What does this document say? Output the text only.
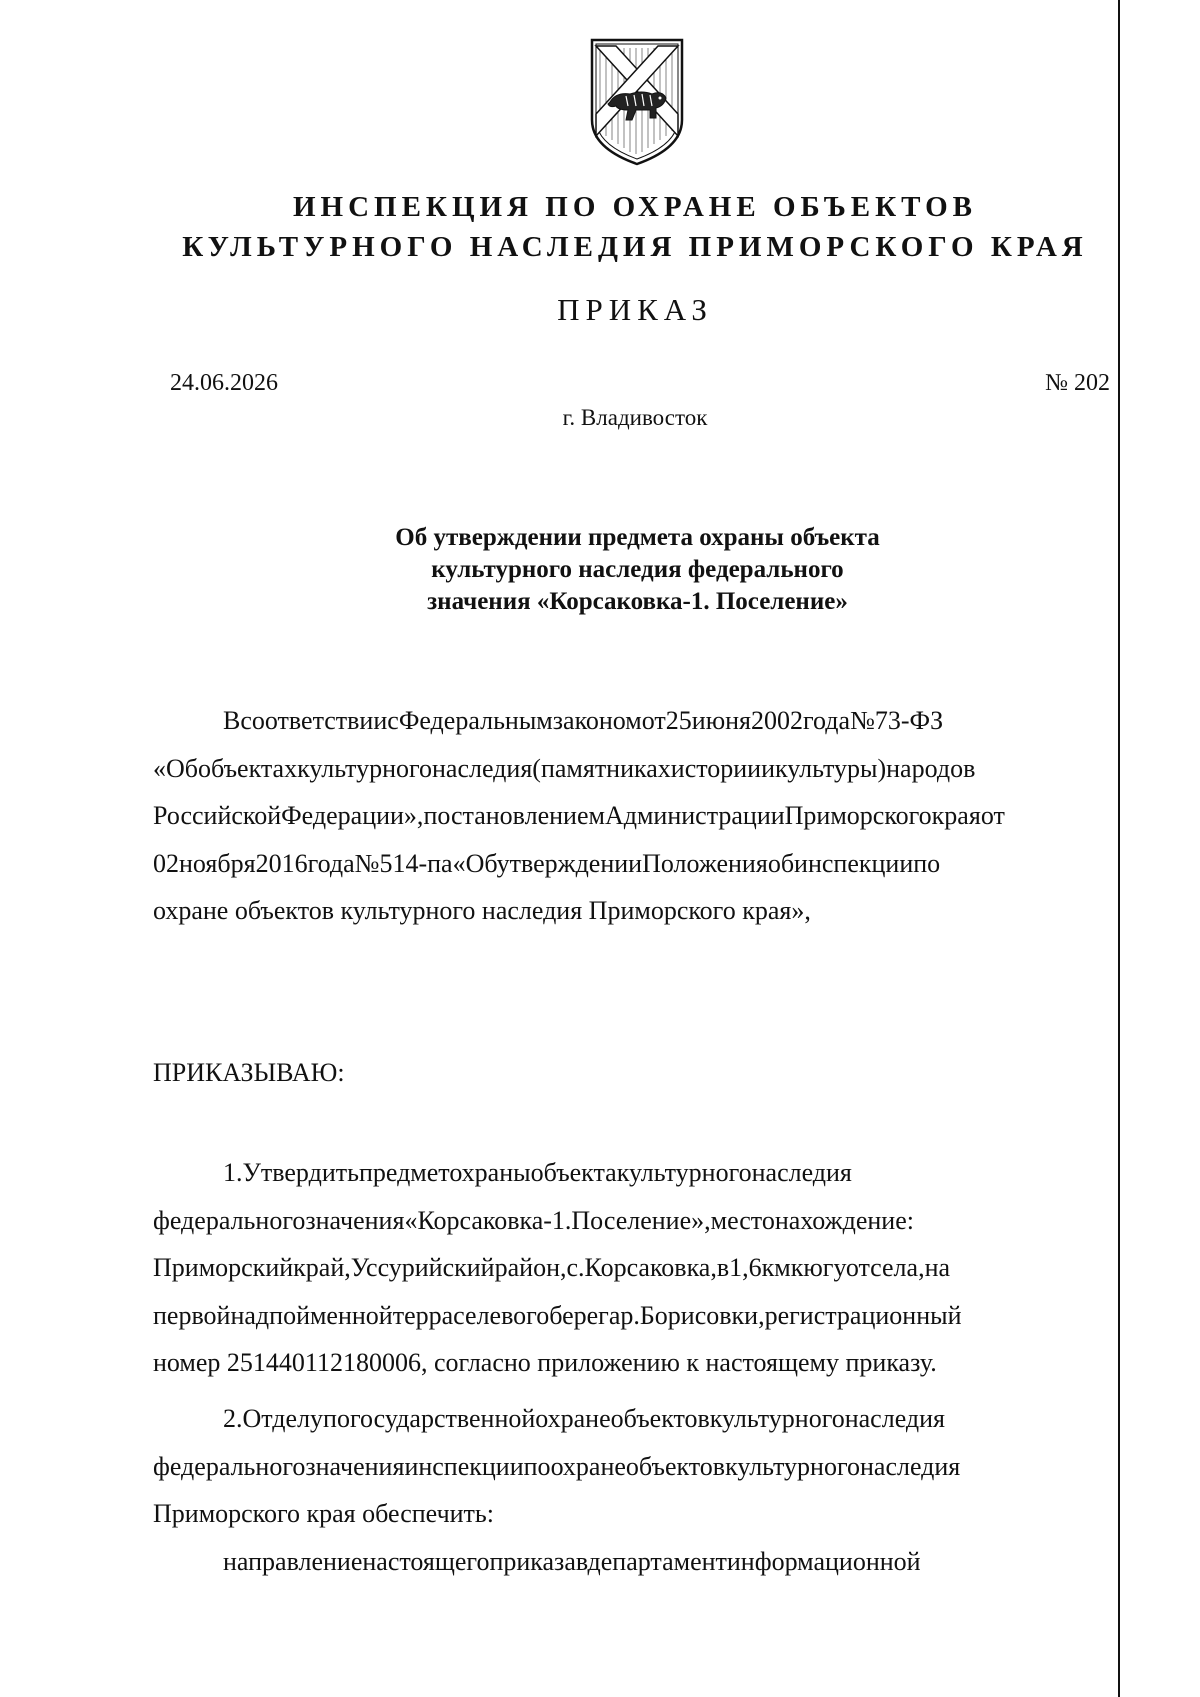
ИНСПЕКЦИЯ ПО ОХРАНЕ ОБЪЕКТОВ
КУЛЬТУРНОГО НАСЛЕДИЯ ПРИМОРСКОГО КРАЯ
ПРИКАЗ
24.06.2026	№ 202
г. Владивосток
Об утверждении предмета охраны объекта
культурного наследия федерального
значения «Корсаковка-1. Поселение»
ВсоответствиисФедеральнымзакономот25июня2002года№73-ФЗ
«Обобъектахкультурногонаследия(памятникахисторииикультуры)народов
РоссийскойФедерации»,постановлениемАдминистрацииПриморскогокраяот
02ноября2016года№514-па«ОбутвержденииПоложенияобинспекциипо
охране объектов культурного наследия Приморского края»,
ПРИКАЗЫВАЮ:
1.Утвердитьпредметохраныобъектакультурногонаследия
федеральногозначения«Корсаковка-1.Поселение»,местонахождение:
Приморскийкрай,Уссурийскийрайон,с.Корсаковка,в1,6кмкюгуотсела,на
первойнадпойменнойтерраселевогоберегар.Борисовки,регистрационный
номер 251440112180006, согласно приложению к настоящему приказу.
2.Отделупогосударственнойохранеобъектовкультурногонаследия
федеральногозначенияинспекциипоохранеобъектовкультурногонаследия
Приморского края обеспечить:
направлениенастоящегоприказавдепартаментинформационной
